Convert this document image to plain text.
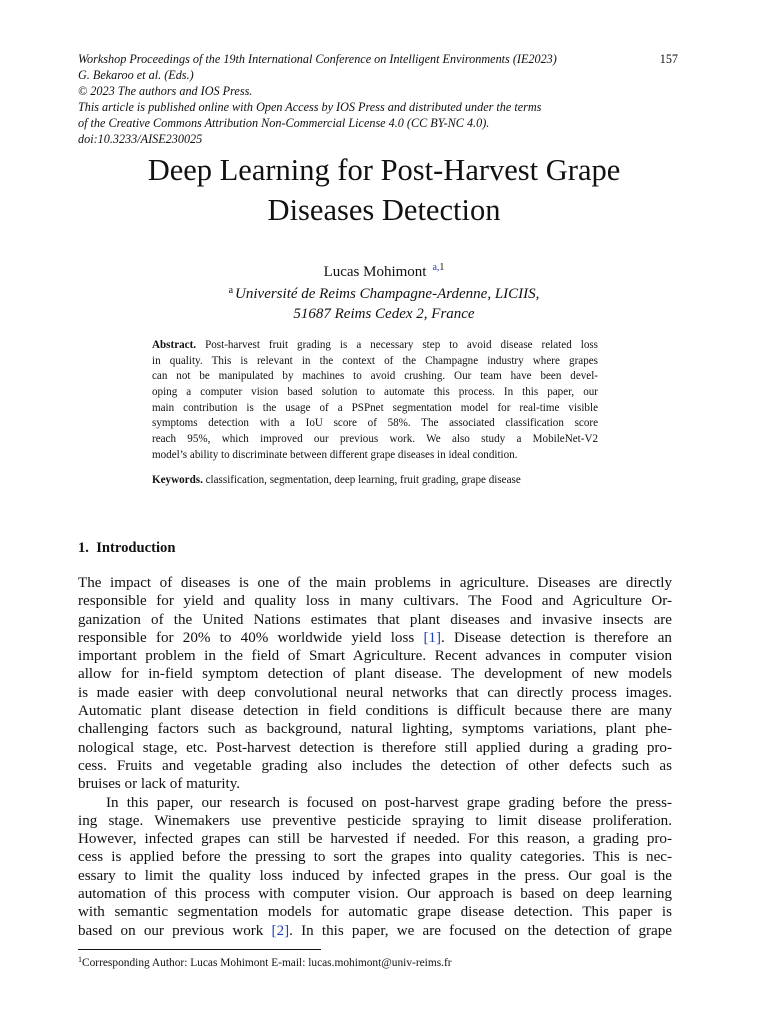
Workshop Proceedings of the 19th International Conference on Intelligent Environments (IE2023)
G. Bekaroo et al. (Eds.)
© 2023 The authors and IOS Press.
This article is published online with Open Access by IOS Press and distributed under the terms
of the Creative Commons Attribution Non-Commercial License 4.0 (CC BY-NC 4.0).
doi:10.3233/AISE230025
157
Deep Learning for Post-Harvest Grape
Diseases Detection
Lucas Mohimont $^{a,1}$
$^a$ Université de Reims Champagne-Ardenne, LICIIS,
51687 Reims Cedex 2, France
Abstract. Post-harvest fruit grading is a necessary step to avoid disease related loss
in quality. This is relevant in the context of the Champagne industry where grapes
can not be manipulated by machines to avoid crushing. Our team have been devel-
oping a computer vision based solution to automate this process. In this paper, our
main contribution is the usage of a PSPnet segmentation model for real-time visible
symptoms detection with a IoU score of 58%. The associated classification score
reach 95%, which improved our previous work. We also study a MobileNet-V2
model’s ability to discriminate between different grape diseases in ideal condition.
Keywords. classification, segmentation, deep learning, fruit grading, grape disease
1. Introduction
The impact of diseases is one of the main problems in agriculture. Diseases are directly
responsible for yield and quality loss in many cultivars. The Food and Agriculture Or-
ganization of the United Nations estimates that plant diseases and invasive insects are
responsible for 20% to 40% worldwide yield loss [1]. Disease detection is therefore an
important problem in the field of Smart Agriculture. Recent advances in computer vision
allow for in-field symptom detection of plant disease. The development of new models
is made easier with deep convolutional neural networks that can directly process images.
Automatic plant disease detection in field conditions is difficult because there are many
challenging factors such as background, natural lighting, symptoms variations, plant phe-
nological stage, etc. Post-harvest detection is therefore still applied during a grading pro-
cess. Fruits and vegetable grading also includes the detection of other defects such as
bruises or lack of maturity.
In this paper, our research is focused on post-harvest grape grading before the press-
ing stage. Winemakers use preventive pesticide spraying to limit disease proliferation.
However, infected grapes can still be harvested if needed. For this reason, a grading pro-
cess is applied before the pressing to sort the grapes into quality categories. This is nec-
essary to limit the quality loss induced by infected grapes in the press. Our goal is the
automation of this process with computer vision. Our approach is based on deep learning
with semantic segmentation models for automatic grape disease detection. This paper is
based on our previous work [2]. In this paper, we are focused on the detection of grape
$^1$Corresponding Author: Lucas Mohimont E-mail: lucas.mohimont@univ-reims.fr
